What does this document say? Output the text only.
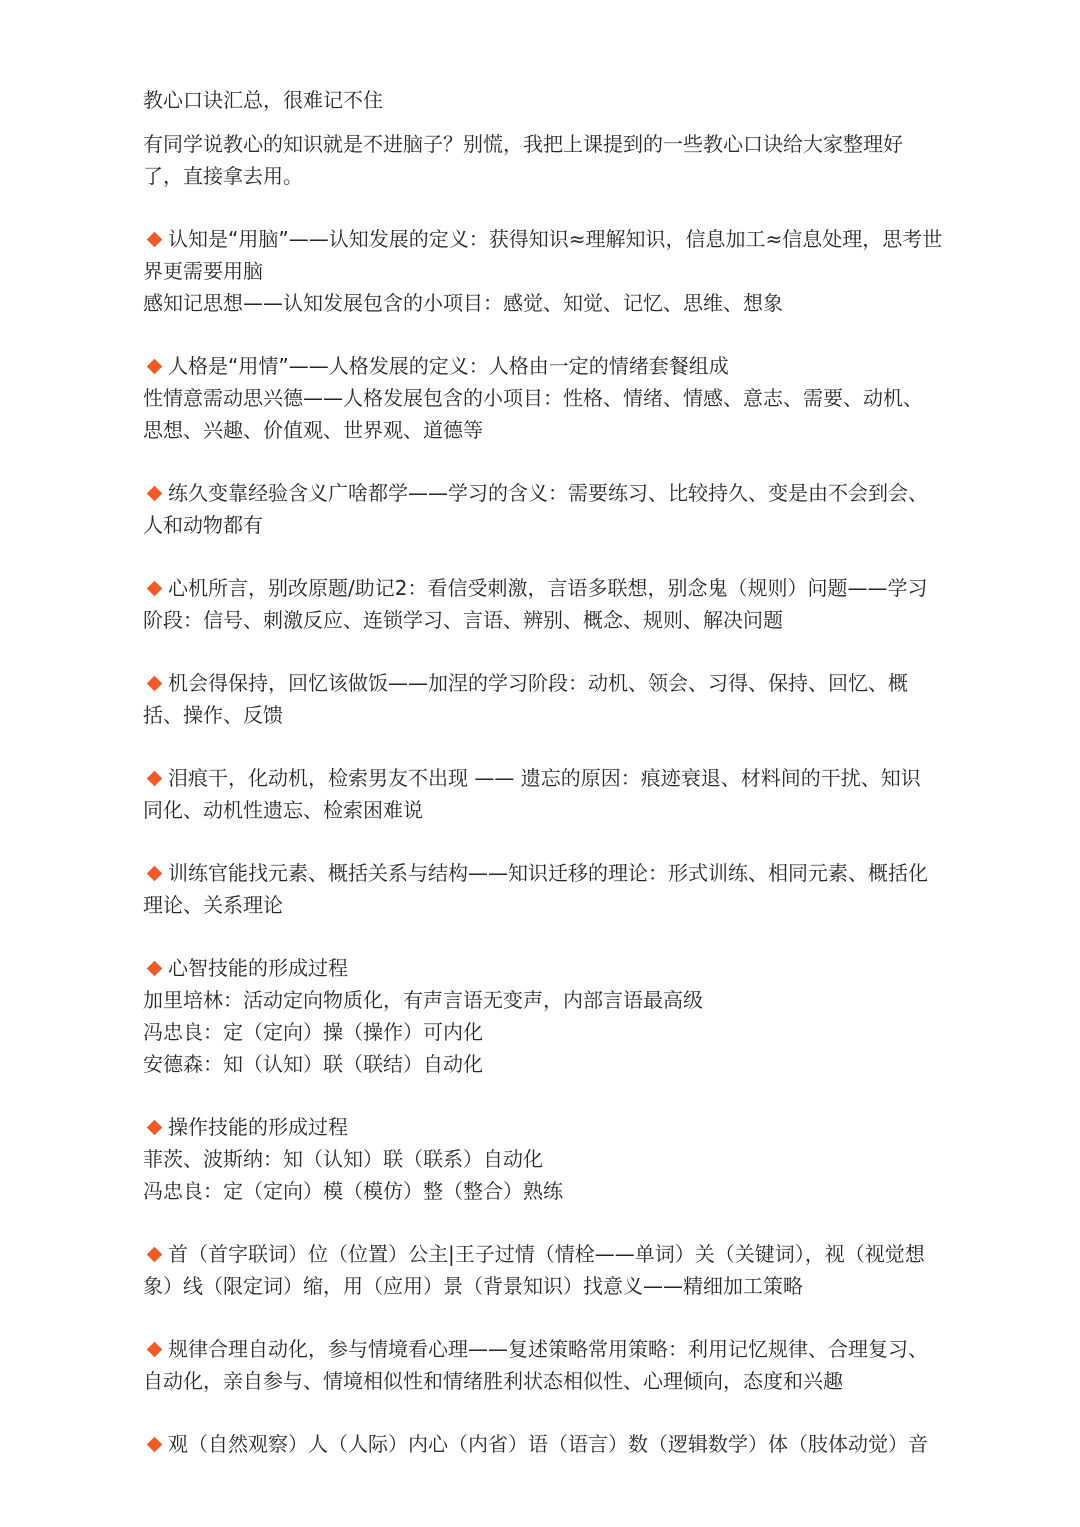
教心口诀汇总，很难记不住
有同学说教心的知识就是不进脑子？别慌，我把上课提到的一些教心口诀给大家整理好
了，直接拿去用。
认知是“用脑”——认知发展的定义：获得知识≈理解知识，信息加工≈信息处理，思考世
界更需要用脑
感知记思想——认知发展包含的小项目：感觉、知觉、记忆、思维、想象
人格是“用情”——人格发展的定义：人格由一定的情绪套餐组成
性情意需动思兴德——人格发展包含的小项目：性格、情绪、情感、意志、需要、动机、
思想、兴趣、价值观、世界观、道德等
练久变靠经验含义广啥都学——学习的含义：需要练习、比较持久、变是由不会到会、
人和动物都有
心机所言，别改原题/助记2：看信受刺激，言语多联想，别念鬼（规则）问题——学习
阶段：信号、刺激反应、连锁学习、言语、辨别、概念、规则、解决问题
机会得保持，回忆该做饭——加涅的学习阶段：动机、领会、习得、保持、回忆、概
括、操作、反馈
泪痕干，化动机，检索男友不出现 —— 遗忘的原因：痕迹衰退、材料间的干扰、知识
同化、动机性遗忘、检索困难说
训练官能找元素、概括关系与结构——知识迁移的理论：形式训练、相同元素、概括化
理论、关系理论
心智技能的形成过程
加里培林：活动定向物质化，有声言语无变声，内部言语最高级
冯忠良：定（定向）操（操作）可内化
安德森：知（认知）联（联结）自动化
操作技能的形成过程
菲茨、波斯纳：知（认知）联（联系）自动化
冯忠良：定（定向）模（模仿）整（整合）熟练
首（首字联词）位（位置）公主|王子过情（情栓——单词）关（关键词），视（视觉想
象）线（限定词）缩，用（应用）景（背景知识）找意义——精细加工策略
规律合理自动化，参与情境看心理——复述策略常用策略：利用记忆规律、合理复习、
自动化，亲自参与、情境相似性和情绪胜利状态相似性、心理倾向，态度和兴趣
观（自然观察）人（人际）内心（内省）语（语言）数（逻辑数学）体（肢体动觉）音
